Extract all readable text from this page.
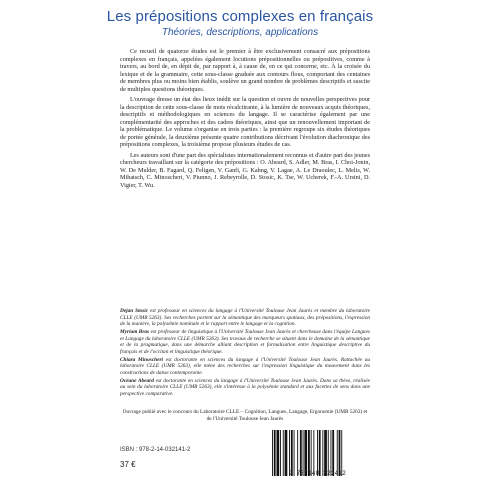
Les prépositions complexes en français
Théories, descriptions, applications

Ce recueil de quatorze études est le premier à être exclusivement consacré aux prépositions complexes en français, appelées également locutions prépositionnelles ou prépositives, comme à travers, au bord de, en dépit de, par rapport à, à cause de, en ce qui concerne, etc. À la croisée du lexique et de la grammaire, cette sous-classe graduée aux contours flous, comportant des centaines de membres plus ou moins bien établis, soulève un grand nombre de problèmes descriptifs et suscite de multiples questions théoriques.

L'ouvrage dresse un état des lieux inédit sur la question et ouvre de nouvelles perspectives pour la description de cette sous-classe de mots récalcitrante, à la lumière de nouveaux acquis théoriques, descriptifs et méthodologiques en sciences du langage. Il se caractérise également par une complémentarité des approches et des cadres théoriques, ainsi que un renouvellement important de la problématique. Le volume s'organise en trois parties : la première regroupe six études théoriques de portée générale, la deuxième présente quatre contributions décrivant l'évolution diachronique des prépositions complexes, la troisième propose plusieurs études de cas.

Les auteurs sont d'une part des spécialistes internationalement reconnus et d'autre part des jeunes chercheurs travaillant sur la catégorie des prépositions : O. Abeard, S. Adler, M. Bras, I. Choi-Jonin, W. De Mulder, B. Fagard, Q. Feltgen, V. Ganfi, G. Kahng, V. Lagae, A. Le Draoulec, L. Melis, W. Mihatsch, C. Minoscheri, V. Piunno, J. Rebeyrolle, D. Stosic, K. Tse, W. Ucherek, F.-A. Ursini, D. Vigier, T. Wu.

Dejan Stosic est professeur en sciences du langage à l'Université Toulouse Jean Jaurès et membre du laboratoire CLLE (UMR 5263). Ses recherches portent sur la sémantique des marqueurs spatiaux, des prépositions, l'expression de la manière, la polysémie nominale et le rapport entre le langage et la cognition.

Myriam Bras est professeur de linguistique à l'Université Toulouse Jean Jaurès et chercheuse dans l'équipe Langues et Langage du laboratoire CLLE (UMR 5263). Ses travaux de recherche se situent dans le domaine de la sémantique et de la pragmatique, dans une démarche alliant description et formalisation entre linguistique descriptive du français et de l'occitan et linguistique théorique.

Chiara Minoscheri est doctorante en sciences du langage à l'Université Toulouse Jean Jaurès. Rattachée au laboratoire CLLE (UMR 5263), elle mène des recherches sur l'expression linguistique du mouvement dans les constructions de danse contemporaine.

Océane Abeard est doctorante en sciences du langage à l'Université Toulouse Jean Jaurès. Dans sa thèse, réalisée au sein du laboratoire CLLE (UMR 5263), elle s'intéresse à la polysémie standard et aux facettes de sens dans une perspective comparative.

Ouvrage publié avec le concours du Laboratoire CLLE – Cognition, Langues, Langage, Ergonomie (UMR 5263) et de l'Université Toulouse Jean Jaurès
ISBN : 978-2-14-032141-2
37 €
9 782140 321412
